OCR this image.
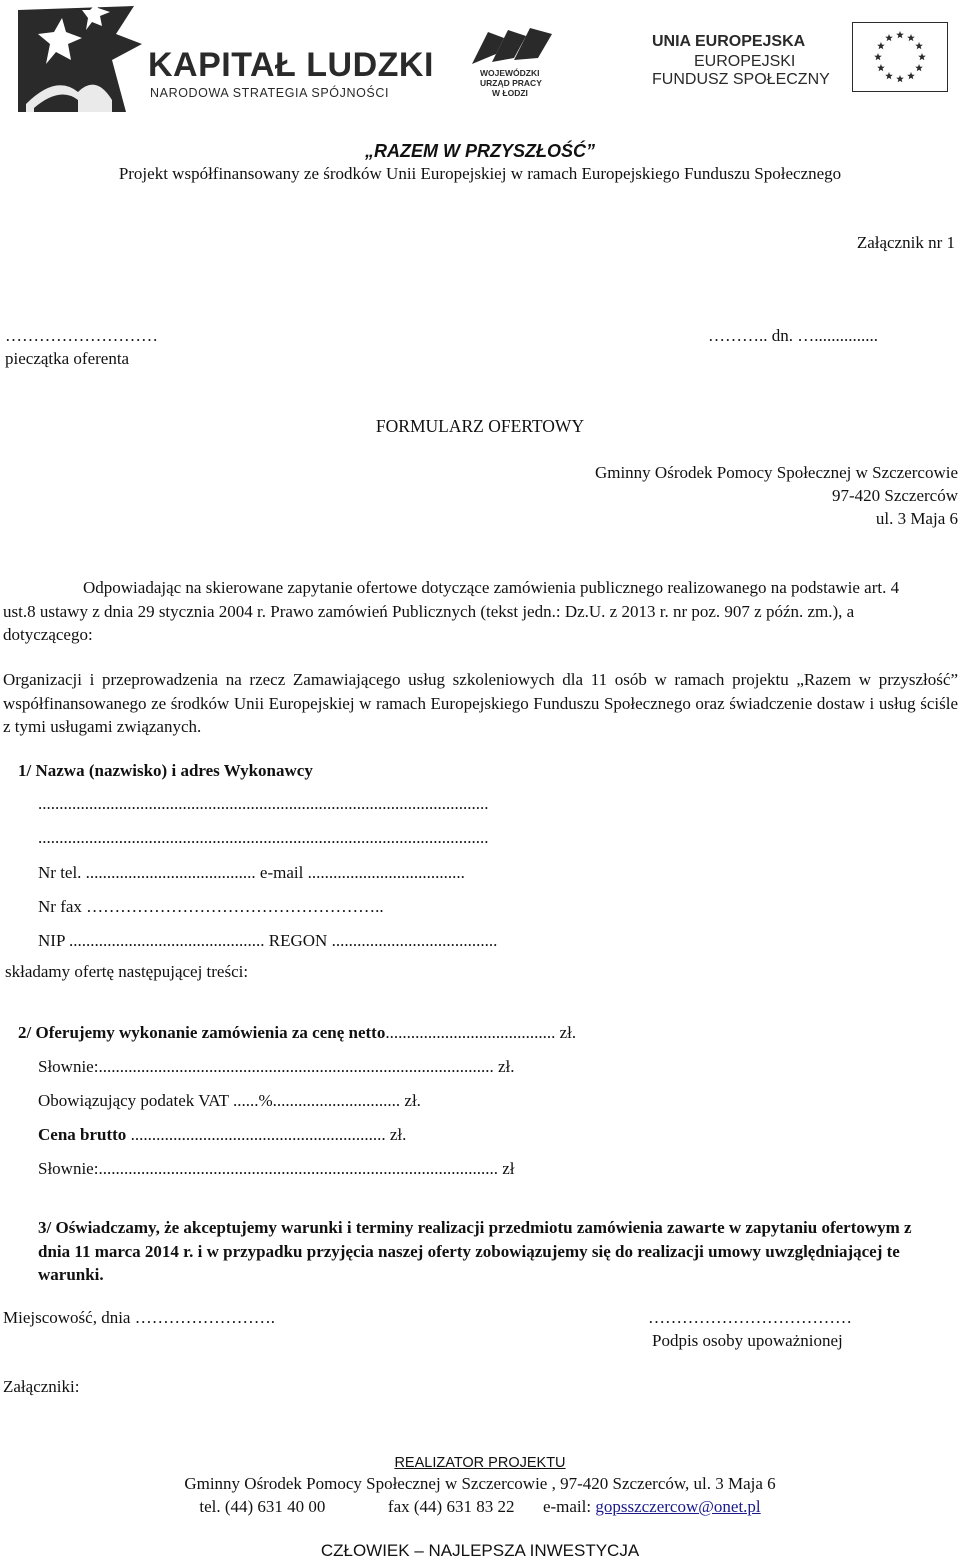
KAPITAŁ LUDZKI
NARODOWA STRATEGIA SPÓJNOŚCI
WOJEWÓDZKI
URZĄD PRACY
W ŁODZI
UNIA EUROPEJSKA
EUROPEJSKI
FUNDUSZ SPOŁECZNY
„RAZEM W PRZYSZŁOŚĆ”
Projekt współfinansowany ze środków Unii Europejskiej w ramach Europejskiego Funduszu Społecznego
Załącznik nr 1
………………………	……….. dn. …...............
pieczątka oferenta
FORMULARZ OFERTOWY
Gminny Ośrodek Pomocy Społecznej w Szczercowie
97-420 Szczerców
ul. 3 Maja 6
Odpowiadając na skierowane zapytanie ofertowe dotyczące zamówienia publicznego realizowanego na podstawie art. 4 ust.8 ustawy z dnia 29 stycznia 2004 r. Prawo zamówień Publicznych (tekst jedn.: Dz.U. z 2013 r. nr poz. 907 z późn. zm.), a dotyczącego:
Organizacji i przeprowadzenia na rzecz Zamawiającego usług szkoleniowych dla 11 osób w ramach projektu „Razem w przyszłość” współfinansowanego ze środków Unii Europejskiej w ramach Europejskiego Funduszu Społecznego oraz świadczenie dostaw i usług ściśle z tymi usługami związanych.
1/ Nazwa (nazwisko) i adres Wykonawcy
..........................................................................................................
..........................................................................................................
Nr tel. ........................................ e-mail .....................................
Nr fax ……………………………………………..
NIP .............................................. REGON .......................................
składamy ofertę następującej treści:
2/ Oferujemy wykonanie zamówienia za cenę netto........................................ zł.
Słownie:............................................................................................. zł.
Obowiązujący podatek VAT ......%.............................. zł.
Cena brutto ............................................................ zł.
Słownie:.............................................................................................. zł
3/ Oświadczamy, że akceptujemy warunki i terminy realizacji przedmiotu zamówienia zawarte w zapytaniu ofertowym z dnia 11 marca 2014 r. i w przypadku przyjęcia naszej oferty zobowiązujemy się do realizacji umowy uwzględniającej te warunki.
Miejscowość, dnia …………………….	………………………………
Podpis osoby upoważnionej
Załączniki:
REALIZATOR PROJEKTU
Gminny Ośrodek Pomocy Społecznej w Szczercowie , 97-420 Szczerców, ul. 3 Maja 6
tel. (44) 631 40 00	fax (44) 631 83 22 e-mail: gopsszczercow@onet.pl
CZŁOWIEK – NAJLEPSZA INWESTYCJA
